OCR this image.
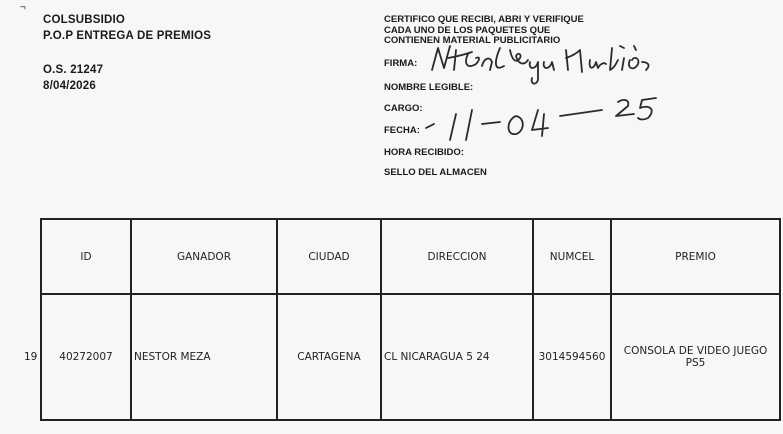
¬
COLSUBSIDIO
P.O.P ENTREGA DE PREMIOS
O.S. 21247
8/04/2026
CERTIFICO QUE RECIBI, ABRI Y VERIFIQUE
CADA UNO DE LOS PAQUETES QUE
CONTIENEN MATERIAL PUBLICITARIO
FIRMA:
NOMBRE LEGIBLE:
CARGO:
FECHA:
HORA RECIBIDO:
SELLO DEL ALMACEN
19
ID	GANADOR	CIUDAD	DIRECCION	NUMCEL	PREMIO
40272007	NESTOR MEZA	CARTAGENA	CL NICARAGUA 5 24	3014594560	CONSOLA DE VIDEO JUEGO PS5
